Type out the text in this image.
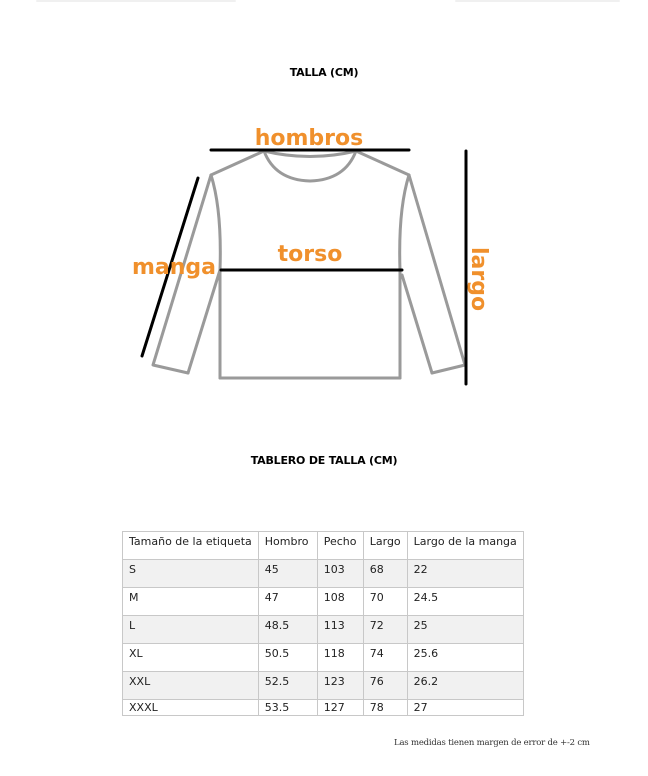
TALLA (CM)
hombros
torso
manga	largo
TABLERO DE TALLA (CM)
Tamaño de la etiqueta	Hombro	Pecho	Largo	Largo de la manga
S	45	103	68	22
M	47	108	70	24.5
L	48.5	113	72	25
XL	50.5	118	74	25.6
XXL	52.5	123	76	26.2
XXXL	53.5	127	78	27
Las medidas tienen margen de error de +-2 cm
